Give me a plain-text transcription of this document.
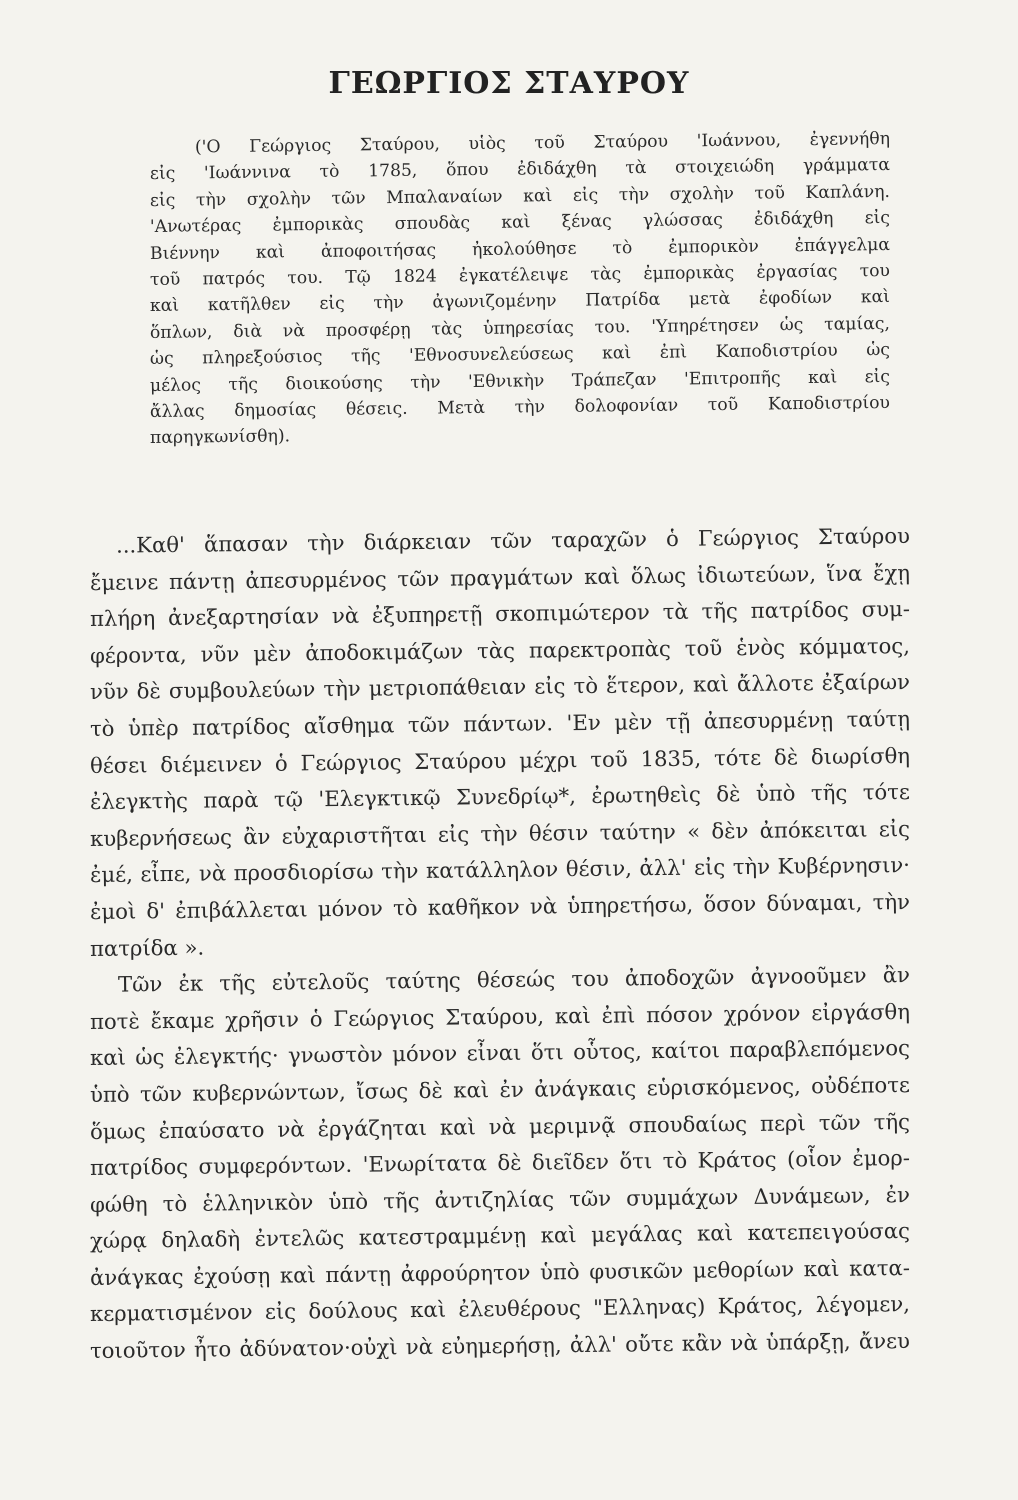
ΓΕΩΡΓΙΟΣ ΣΤΑΥΡΟΥ
('Ο Γεώργιος Σταύρου, υἱὸς τοῦ Σταύρου 'Ιωάννου, ἐγεννήθη
εἰς 'Ιωάννινα τὸ 1785, ὅπου ἐδιδάχθη τὰ στοιχειώδη γράμματα
εἰς τὴν σχολὴν τῶν Μπαλαναίων καὶ εἰς τὴν σχολὴν τοῦ Καπλάνη.
'Ανωτέρας ἐμπορικὰς σπουδὰς καὶ ξένας γλώσσας ἐδιδάχθη εἰς
Βιέννην καὶ ἀποφοιτήσας ἠκολούθησε τὸ ἐμπορικὸν ἐπάγγελμα
τοῦ πατρός του. Τῷ 1824 ἐγκατέλειψε τὰς ἐμπορικὰς ἐργασίας του
καὶ κατῆλθεν εἰς τὴν ἀγωνιζομένην Πατρίδα μετὰ ἐφοδίων καὶ
ὅπλων, διὰ νὰ προσφέρῃ τὰς ὑπηρεσίας του. 'Υπηρέτησεν ὡς ταμίας,
ὡς πληρεξούσιος τῆς 'Εθνοσυνελεύσεως καὶ ἐπὶ Καποδιστρίου ὡς
μέλος τῆς διοικούσης τὴν 'Εθνικὴν Τράπεζαν 'Επιτροπῆς καὶ εἰς
ἄλλας δημοσίας θέσεις. Μετὰ τὴν δολοφονίαν τοῦ Καποδιστρίου
παρηγκωνίσθη).
...Καθ' ἅπασαν τὴν διάρκειαν τῶν ταραχῶν ὁ Γεώργιος Σταύρου
ἔμεινε πάντῃ ἀπεσυρμένος τῶν πραγμάτων καὶ ὅλως ἰδιωτεύων, ἵνα ἔχῃ
πλήρη ἀνεξαρτησίαν νὰ ἐξυπηρετῇ σκοπιμώτερον τὰ τῆς πατρίδος συμ-
φέροντα, νῦν μὲν ἀποδοκιμάζων τὰς παρεκτροπὰς τοῦ ἑνὸς κόμματος,
νῦν δὲ συμβουλεύων τὴν μετριοπάθειαν εἰς τὸ ἕτερον, καὶ ἄλλοτε ἐξαίρων
τὸ ὑπὲρ πατρίδος αἴσθημα τῶν πάντων. 'Εν μὲν τῇ ἀπεσυρμένῃ ταύτῃ
θέσει διέμεινεν ὁ Γεώργιος Σταύρου μέχρι τοῦ 1835, τότε δὲ διωρίσθη
ἐλεγκτὴς παρὰ τῷ 'Ελεγκτικῷ Συνεδρίῳ*, ἐρωτηθεὶς δὲ ὑπὸ τῆς τότε
κυβερνήσεως ἂν εὐχαριστῆται εἰς τὴν θέσιν ταύτην « δὲν ἀπόκειται εἰς
ἐμέ, εἶπε, νὰ προσδιορίσω τὴν κατάλληλον θέσιν, ἀλλ' εἰς τὴν Κυβέρνησιν·
ἐμοὶ δ' ἐπιβάλλεται μόνον τὸ καθῆκον νὰ ὑπηρετήσω, ὅσον δύναμαι, τὴν
πατρίδα ».
Τῶν ἐκ τῆς εὐτελοῦς ταύτης θέσεώς του ἀποδοχῶν ἀγνοοῦμεν ἂν
ποτὲ ἔκαμε χρῆσιν ὁ Γεώργιος Σταύρου, καὶ ἐπὶ πόσον χρόνον εἰργάσθη
καὶ ὡς ἐλεγκτής· γνωστὸν μόνον εἶναι ὅτι οὗτος, καίτοι παραβλεπόμενος
ὑπὸ τῶν κυβερνώντων, ἴσως δὲ καὶ ἐν ἀνάγκαις εὑρισκόμενος, οὐδέποτε
ὅμως ἐπαύσατο νὰ ἐργάζηται καὶ νὰ μεριμνᾷ σπουδαίως περὶ τῶν τῆς
πατρίδος συμφερόντων. 'Ενωρίτατα δὲ διεῖδεν ὅτι τὸ Κράτος (οἷον ἐμορ-
φώθη τὸ ἑλληνικὸν ὑπὸ τῆς ἀντιζηλίας τῶν συμμάχων Δυνάμεων, ἐν
χώρᾳ δηλαδὴ ἐντελῶς κατεστραμμένῃ καὶ μεγάλας καὶ κατεπειγούσας
ἀνάγκας ἐχούσῃ καὶ πάντῃ ἀφρούρητον ὑπὸ φυσικῶν μεθορίων καὶ κατα-
κερματισμένον εἰς δούλους καὶ ἐλευθέρους "Ελληνας) Κράτος, λέγομεν,
τοιοῦτον ἦτο ἀδύνατον·οὐχὶ νὰ εὐημερήσῃ, ἀλλ' οὔτε κἂν νὰ ὑπάρξῃ, ἄνευ
